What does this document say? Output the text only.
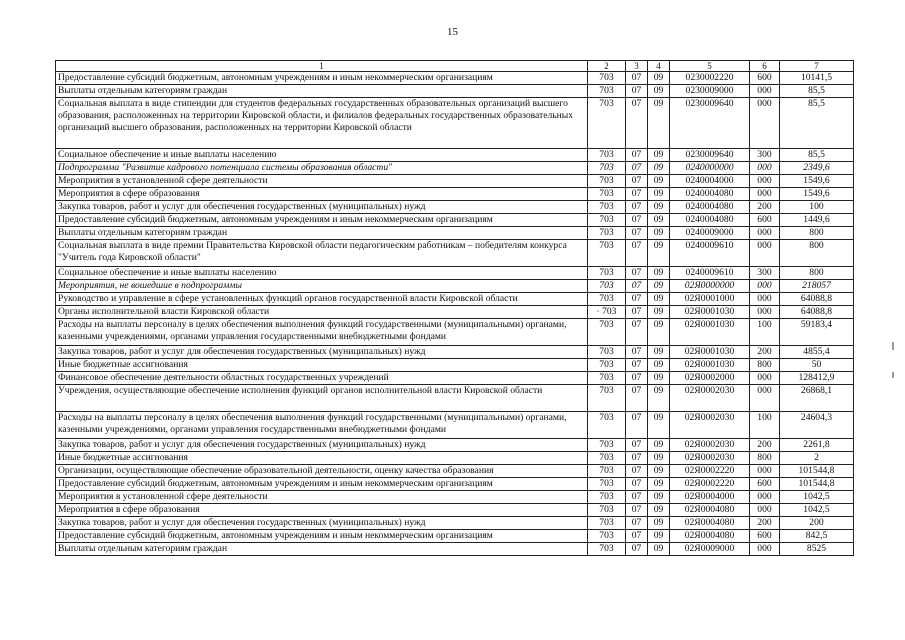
15
1	2	3	4	5	6	7
Предоставление субсидий бюджетным, автономным учреждениям и иным некоммерческим организациям	703	07	09	0230002220	600	10141,5
Выплаты отдельным категориям граждан	703	07	09	0230009000	000	85,5
Социальная выплата в виде стипендии для студентов федеральных государственных образовательных организаций высшего образования, расположенных на территории Кировской области, и филиалов федеральных государственных образовательных организаций высшего образования, расположенных на территории Кировской области	703	07	09	0230009640	000	85,5
Социальное обеспечение и иные выплаты населению	703	07	09	0230009640	300	85,5
Подпрограмма "Развитие кадрового потенциала системы образования области"	703	07	09	0240000000	000	2349,6
Мероприятия в установленной сфере деятельности	703	07	09	0240004000	000	1549,6
Мероприятия в сфере образования	703	07	09	0240004080	000	1549,6
Закупка товаров, работ и услуг для обеспечения государственных (муниципальных) нужд	703	07	09	0240004080	200	100
Предоставление субсидий бюджетным, автономным учреждениям и иным некоммерческим организациям	703	07	09	0240004080	600	1449,6
Выплаты отдельным категориям граждан	703	07	09	0240009000	000	800
Социальная выплата в виде премии Правительства Кировской области педагогическим работникам – победителям конкурса "Учитель года Кировской области"	703	07	09	0240009610	000	800
Социальное обеспечение и иные выплаты населению	703	07	09	0240009610	300	800
Мероприятия, не вошедшие в подпрограммы	703	07	09	02Я0000000	000	218057
Руководство и управление в сфере установленных функций органов государственной власти Кировской области	703	07	09	02Я0001000	000	64088,8
Органы исполнительной власти Кировской области	· 703	07	09	02Я0001030	000	64088,8
Расходы на выплаты персоналу в целях обеспечения выполнения функций государственными (муниципальными) органами, казенными учреждениями, органами управления государственными внебюджетными фондами	703	07	09	02Я0001030	100	59183,4
Закупка товаров, работ и услуг для обеспечения государственных (муниципальных) нужд	703	07	09	02Я0001030	200	4855,4
Иные бюджетные ассигнования	703	07	09	02Я0001030	800	50
Финансовое обеспечение деятельности областных государственных учреждений	703	07	09	02Я0002000	000	128412,9
Учреждения, осуществляющие обеспечение исполнения функций органов исполнительной власти Кировской области	703	07	09	02Я0002030	000	26868,1
Расходы на выплаты персоналу в целях обеспечения выполнения функций государственными (муниципальными) органами, казенными учреждениями, органами управления государственными внебюджетными фондами	703	07	09	02Я0002030	100	24604,3
Закупка товаров, работ и услуг для обеспечения государственных (муниципальных) нужд	703	07	09	02Я0002030	200	2261,8
Иные бюджетные ассигнования	703	07	09	02Я0002030	800	2
Организации, осуществляющие обеспечение образовательной деятельности, оценку качества образования	703	07	09	02Я0002220	000	101544,8
Предоставление субсидий бюджетным, автономным учреждениям и иным некоммерческим организациям	703	07	09	02Я0002220	600	101544,8
Мероприятия в установленной сфере деятельности	703	07	09	02Я0004000	000	1042,5
Мероприятия в сфере образования	703	07	09	02Я0004080	000	1042,5
Закупка товаров, работ и услуг для обеспечения государственных (муниципальных) нужд	703	07	09	02Я0004080	200	200
Предоставление субсидий бюджетным, автономным учреждениям и иным некоммерческим организациям	703	07	09	02Я0004080	600	842,5
Выплаты отдельным категориям граждан	703	07	09	02Я0009000	000	8525
